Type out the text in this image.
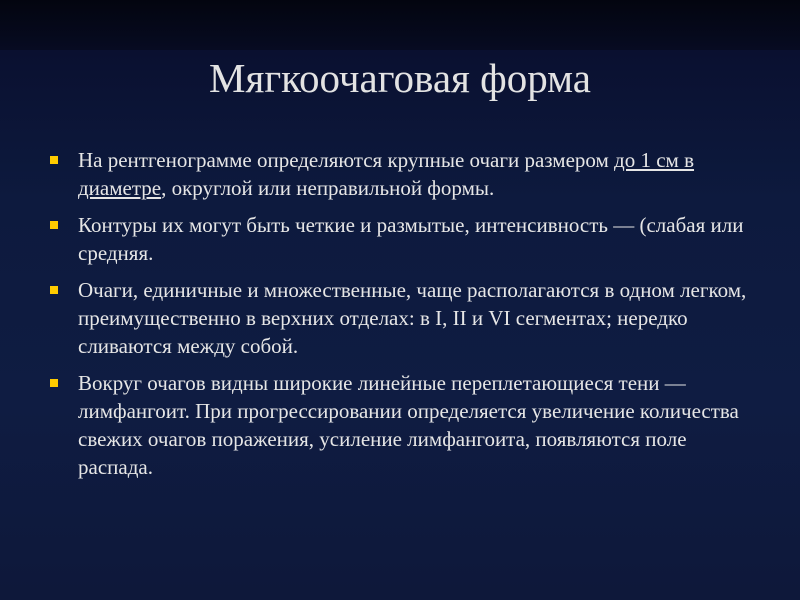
Мягкоочаговая форма
На рентгенограмме определяются крупные очаги размером до 1 см в диаметре, округлой или неправильной формы.
Контуры их могут быть четкие и размытые, интенсивность — (слабая или средняя.
Очаги, единичные и множественные, чаще располагаются в одном легком, преимущественно в верхних отделах: в I, II и VI сегментах; нередко сливаются между собой.
Вокруг очагов видны широкие линейные переплетающиеся тени — лимфангоит. При прогрессировании определяется увеличение количества    свежих очагов поражения, усиление лимфангоита, появляются поле распада.
